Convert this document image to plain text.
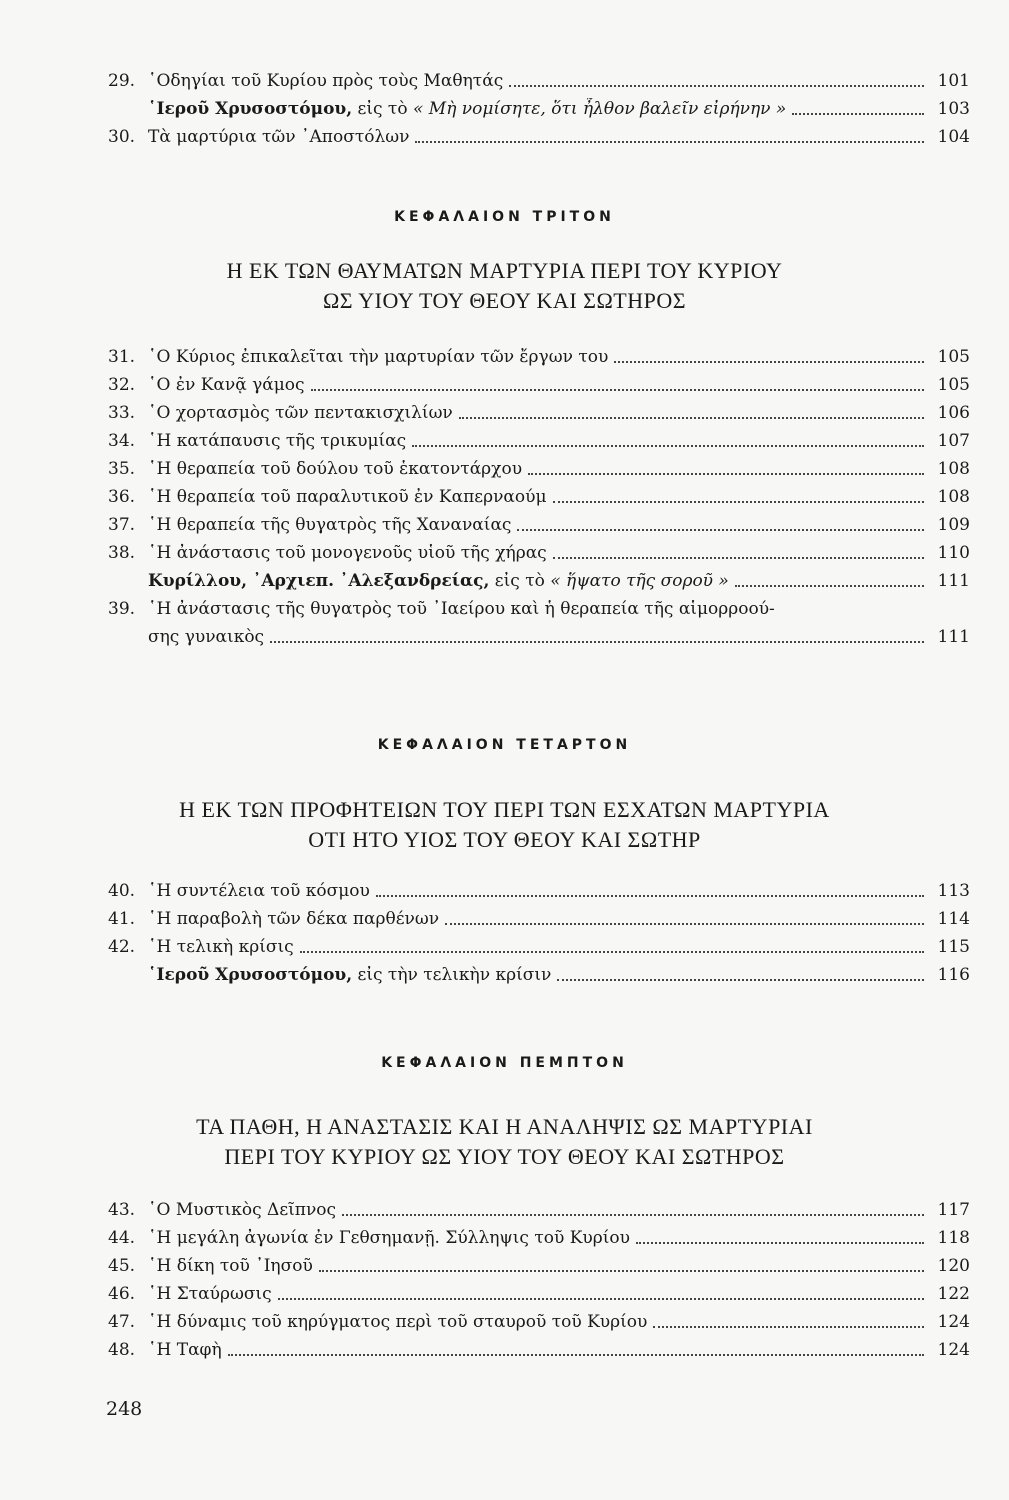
29. ῾Οδηγίαι τοῦ Κυρίου πρὸς τοὺς Μαθητάς	101
῾Ιεροῦ Χρυσοστόμου, εἰς τὸ « Μὴ νομίσητε, ὅτι ἦλθον βαλεῖν εἰρήνην »	103
30. Τὰ μαρτύρια τῶν ᾿Αποστόλων	104
ΚΕΦΑΛΑΙΟΝ ΤΡΙΤΟΝ
Η ΕΚ ΤΩΝ ΘΑΥΜΑΤΩΝ ΜΑΡΤΥΡΙΑ ΠΕΡΙ ΤΟΥ ΚΥΡΙΟΥ
ΩΣ ΥΙΟΥ ΤΟΥ ΘΕΟΥ ΚΑΙ ΣΩΤΗΡΟΣ
31. ῾Ο Κύριος ἐπικαλεῖται τὴν μαρτυρίαν τῶν ἔργων του	105
32. ῾Ο ἐν Κανᾷ γάμος	105
33. ῾Ο χορτασμὸς τῶν πεντακισχιλίων	106
34. ῾Η κατάπαυσις τῆς τρικυμίας	107
35. ῾Η θεραπεία τοῦ δούλου τοῦ ἑκατοντάρχου	108
36. ῾Η θεραπεία τοῦ παραλυτικοῦ ἐν Καπερναούμ	108
37. ῾Η θεραπεία τῆς θυγατρὸς τῆς Χαναναίας	109
38. ῾Η ἀνάστασις τοῦ μονογενοῦς υἱοῦ τῆς χήρας	110
Κυρίλλου, ᾿Αρχιεπ. ᾿Αλεξανδρείας, εἰς τὸ « ἥψατο τῆς σοροῦ »	111
39. ῾Η ἀνάστασις τῆς θυγατρὸς τοῦ ᾿Ιαείρου καὶ ἡ θεραπεία τῆς αἱμορροού-
σης γυναικὸς	111
ΚΕΦΑΛΑΙΟΝ ΤΕΤΑΡΤΟΝ
Η ΕΚ ΤΩΝ ΠΡΟΦΗΤΕΙΩΝ ΤΟΥ ΠΕΡΙ ΤΩΝ ΕΣΧΑΤΩΝ ΜΑΡΤΥΡΙΑ
ΟΤΙ ΗΤΟ ΥΙΟΣ ΤΟΥ ΘΕΟΥ ΚΑΙ ΣΩΤΗΡ
40. ῾Η συντέλεια τοῦ κόσμου	113
41. ῾Η παραβολὴ τῶν δέκα παρθένων	114
42. ῾Η τελικὴ κρίσις	115
῾Ιεροῦ Χρυσοστόμου, εἰς τὴν τελικὴν κρίσιν	116
ΚΕΦΑΛΑΙΟΝ ΠΕΜΠΤΟΝ
ΤΑ ΠΑΘΗ, Η ΑΝΑΣΤΑΣΙΣ ΚΑΙ Η ΑΝΑΛΗΨΙΣ ΩΣ ΜΑΡΤΥΡΙΑΙ
ΠΕΡΙ ΤΟΥ ΚΥΡΙΟΥ ΩΣ ΥΙΟΥ ΤΟΥ ΘΕΟΥ ΚΑΙ ΣΩΤΗΡΟΣ
43. ῾Ο Μυστικὸς Δεῖπνος	117
44. ῾Η μεγάλη ἀγωνία ἐν Γεθσημανῇ. Σύλληψις τοῦ Κυρίου	118
45. ῾Η δίκη τοῦ ᾿Ιησοῦ	120
46. ῾Η Σταύρωσις	122
47. ῾Η δύναμις τοῦ κηρύγματος περὶ τοῦ σταυροῦ τοῦ Κυρίου	124
48. ῾Η Ταφὴ	124
248
